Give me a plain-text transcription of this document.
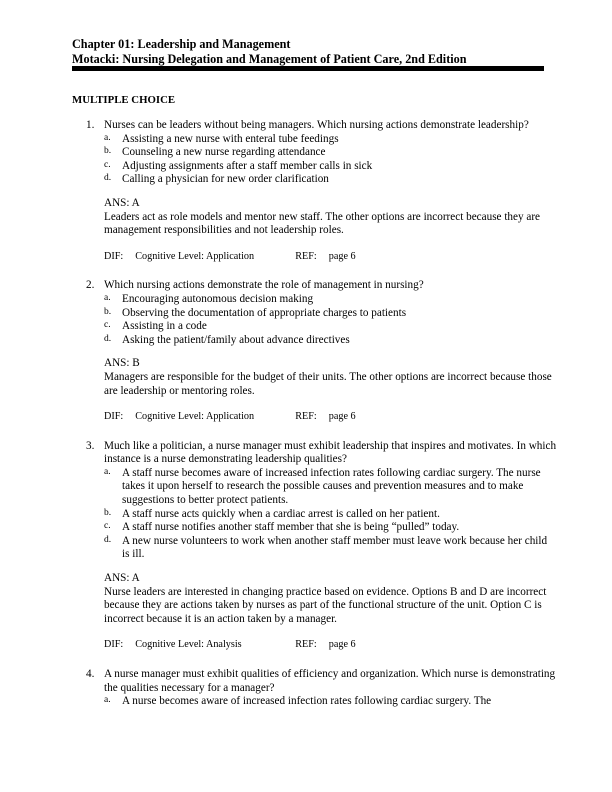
Chapter 01: Leadership and Management
Motacki: Nursing Delegation and Management of Patient Care, 2nd Edition
MULTIPLE CHOICE
1. Nurses can be leaders without being managers. Which nursing actions demonstrate leadership?
a. Assisting a new nurse with enteral tube feedings
b. Counseling a new nurse regarding attendance
c. Adjusting assignments after a staff member calls in sick
d. Calling a physician for new order clarification
ANS: A
Leaders act as role models and mentor new staff. The other options are incorrect because they are management responsibilities and not leadership roles.
DIF: Cognitive Level: Application	REF: page 6
2. Which nursing actions demonstrate the role of management in nursing?
a. Encouraging autonomous decision making
b. Observing the documentation of appropriate charges to patients
c. Assisting in a code
d. Asking the patient/family about advance directives
ANS: B
Managers are responsible for the budget of their units. The other options are incorrect because those are leadership or mentoring roles.
DIF: Cognitive Level: Application	REF: page 6
3. Much like a politician, a nurse manager must exhibit leadership that inspires and motivates. In which instance is a nurse demonstrating leadership qualities?
a. A staff nurse becomes aware of increased infection rates following cardiac surgery. The nurse takes it upon herself to research the possible causes and prevention measures and to make suggestions to better protect patients.
b. A staff nurse acts quickly when a cardiac arrest is called on her patient.
c. A staff nurse notifies another staff member that she is being “pulled” today.
d. A new nurse volunteers to work when another staff member must leave work because her child is ill.
ANS: A
Nurse leaders are interested in changing practice based on evidence. Options B and D are incorrect because they are actions taken by nurses as part of the functional structure of the unit. Option C is incorrect because it is an action taken by a manager.
DIF: Cognitive Level: Analysis	REF: page 6
4. A nurse manager must exhibit qualities of efficiency and organization. Which nurse is demonstrating the qualities necessary for a manager?
a. A nurse becomes aware of increased infection rates following cardiac surgery. The
